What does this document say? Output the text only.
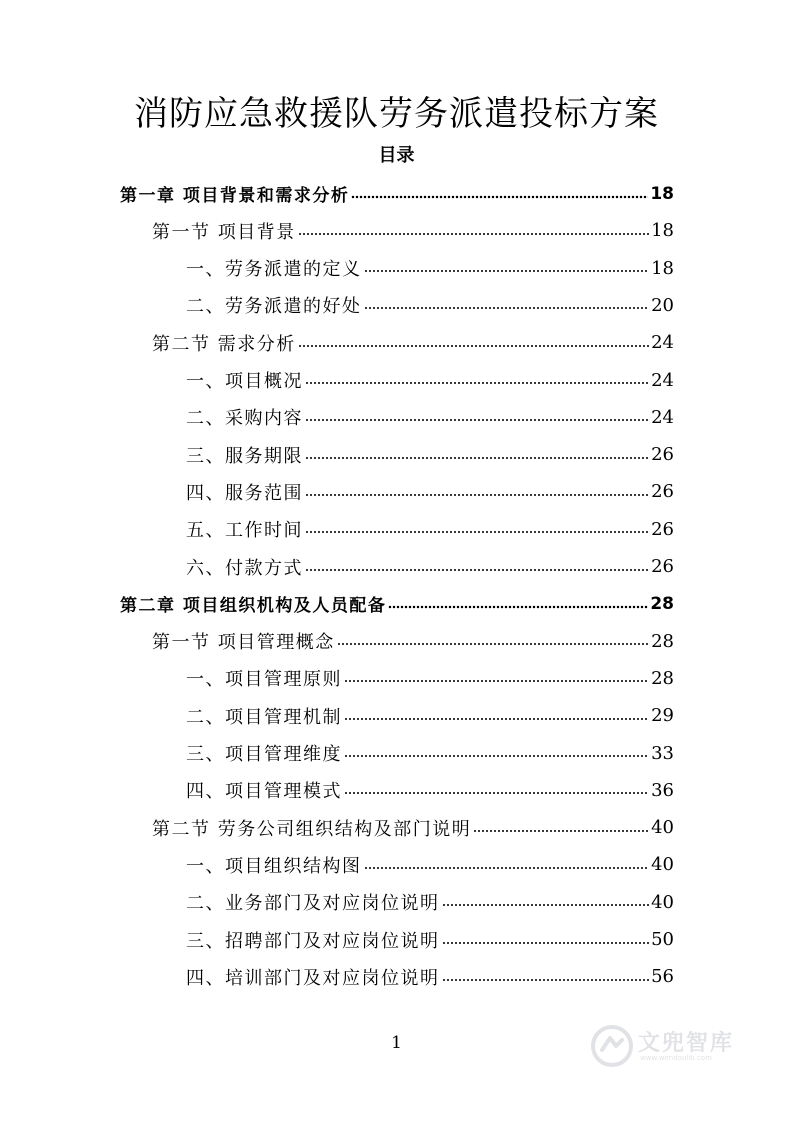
消防应急救援队劳务派遣投标方案
目录
第一章 项目背景和需求分析	18
第一节 项目背景	18
一、劳务派遣的定义	18
二、劳务派遣的好处	20
第二节 需求分析	24
一、项目概况	24
二、采购内容	24
三、服务期限	26
四、服务范围	26
五、工作时间	26
六、付款方式	26
第二章 项目组织机构及人员配备	28
第一节 项目管理概念	28
一、项目管理原则	28
二、项目管理机制	29
三、项目管理维度	33
四、项目管理模式	36
第二节 劳务公司组织结构及部门说明	40
一、项目组织结构图	40
二、业务部门及对应岗位说明	40
三、招聘部门及对应岗位说明	50
四、培训部门及对应岗位说明	56
1	文兜智库
www.wendoulib.com
